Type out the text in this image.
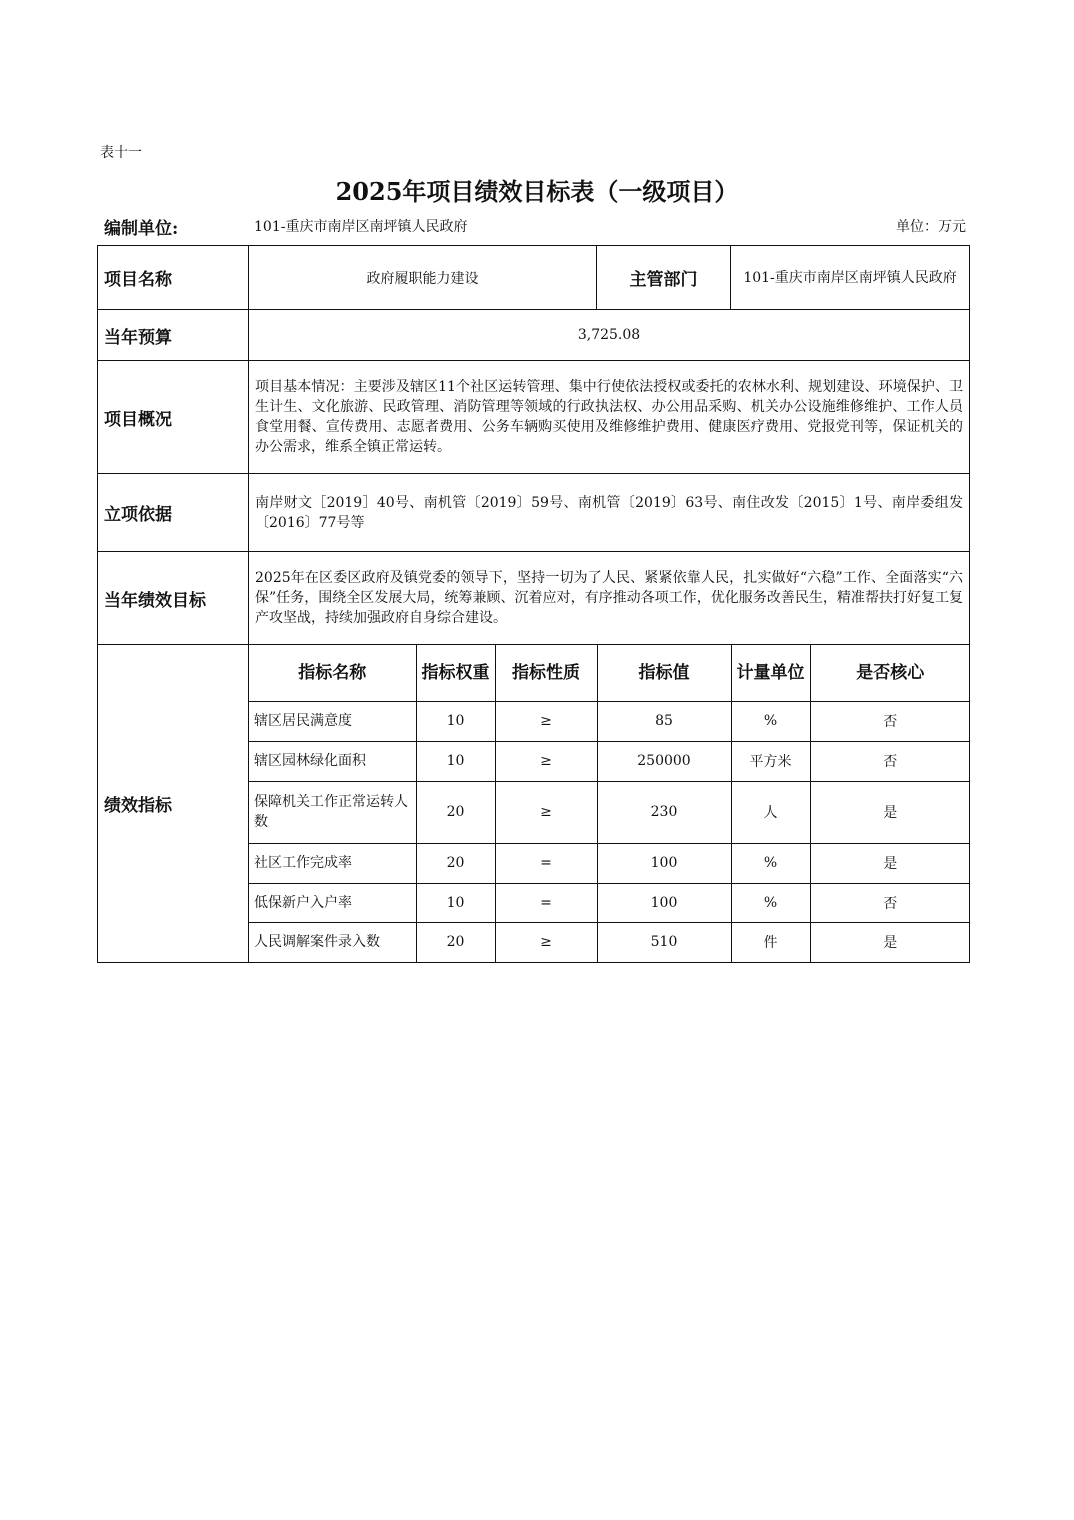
表十一
2025年项目绩效目标表（一级项目）
编制单位:	101-重庆市南岸区南坪镇人民政府	单位：万元
项目名称	政府履职能力建设	主管部门	101-重庆市南岸区南坪镇人民政府
当年预算	3,725.08
项目概况	项目基本情况：主要涉及辖区11个社区运转管理、集中行使依法授权或委托的农林水利、规划建设、环境保护、卫生计生、文化旅游、民政管理、消防管理等领域的行政执法权、办公用品采购、机关办公设施维修维护、工作人员食堂用餐、宣传费用、志愿者费用、公务车辆购买使用及维修维护费用、健康医疗费用、党报党刊等，保证机关的办公需求，维系全镇正常运转。
立项依据	南岸财文［2019］40号、南机管〔2019〕59号、南机管〔2019〕63号、南住改发〔2015〕1号、南岸委组发〔2016〕77号等
当年绩效目标	2025年在区委区政府及镇党委的领导下，坚持一切为了人民、紧紧依靠人民，扎实做好“六稳”工作、全面落实“六保”任务，围绕全区发展大局，统筹兼顾、沉着应对，有序推动各项工作，优化服务改善民生，精准帮扶打好复工复产攻坚战，持续加强政府自身综合建设。
绩效指标	
指标名称	指标权重	指标性质	指标值	计量单位	是否核心
辖区居民满意度	10	≥	85	%	否
辖区园林绿化面积	10	≥	250000	平方米	否
保障机关工作正常运转人数	20	≥	230	人	是
社区工作完成率	20	=	100	%	是
低保新户入户率	10	=	100	%	否
人民调解案件录入数	20	≥	510	件	是
